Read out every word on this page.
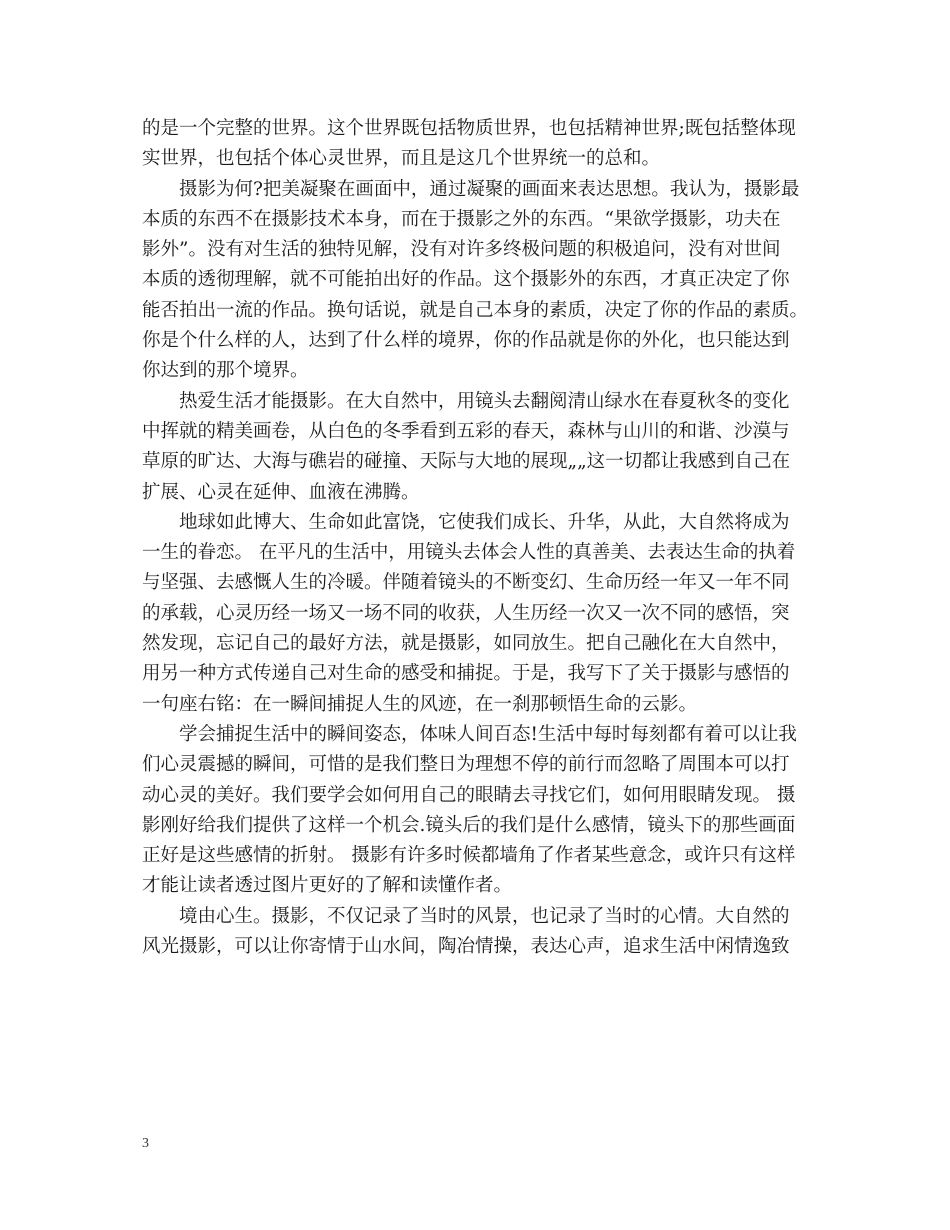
的是一个完整的世界。这个世界既包括物质世界，也包括精神世界;既包括整体现
实世界，也包括个体心灵世界，而且是这几个世界统一的总和。
摄影为何?把美凝聚在画面中，通过凝聚的画面来表达思想。我认为，摄影最
本质的东西不在摄影技术本身，而在于摄影之外的东西。“果欲学摄影，功夫在
影外”。没有对生活的独特见解，没有对许多终极问题的积极追问，没有对世间
本质的透彻理解，就不可能拍出好的作品。这个摄影外的东西，才真正决定了你
能否拍出一流的作品。换句话说，就是自己本身的素质，决定了你的作品的素质。
你是个什么样的人，达到了什么样的境界，你的作品就是你的外化，也只能达到
你达到的那个境界。
热爱生活才能摄影。在大自然中，用镜头去翻阅清山绿水在春夏秋冬的变化
中挥就的精美画卷，从白色的冬季看到五彩的春天，森林与山川的和谐、沙漠与
草原的旷达、大海与礁岩的碰撞、天际与大地的展现„„这一切都让我感到自己在
扩展、心灵在延伸、血液在沸腾。
地球如此博大、生命如此富饶，它使我们成长、升华，从此，大自然将成为
一生的眷恋。 在平凡的生活中，用镜头去体会人性的真善美、去表达生命的执着
与坚强、去感慨人生的冷暖。伴随着镜头的不断变幻、生命历经一年又一年不同
的承载，心灵历经一场又一场不同的收获，人生历经一次又一次不同的感悟，突
然发现，忘记自己的最好方法，就是摄影，如同放生。把自己融化在大自然中，
用另一种方式传递自己对生命的感受和捕捉。于是，我写下了关于摄影与感悟的
一句座右铭：在一瞬间捕捉人生的风迹，在一刹那顿悟生命的云影。
学会捕捉生活中的瞬间姿态，体味人间百态!生活中每时每刻都有着可以让我
们心灵震撼的瞬间，可惜的是我们整日为理想不停的前行而忽略了周围本可以打
动心灵的美好。我们要学会如何用自己的眼睛去寻找它们，如何用眼睛发现。 摄
影刚好给我们提供了这样一个机会.镜头后的我们是什么感情，镜头下的那些画面
正好是这些感情的折射。 摄影有许多时候都墙角了作者某些意念，或许只有这样
才能让读者透过图片更好的了解和读懂作者。
境由心生。摄影，不仅记录了当时的风景，也记录了当时的心情。大自然的
风光摄影，可以让你寄情于山水间，陶冶情操，表达心声，追求生活中闲情逸致
3
